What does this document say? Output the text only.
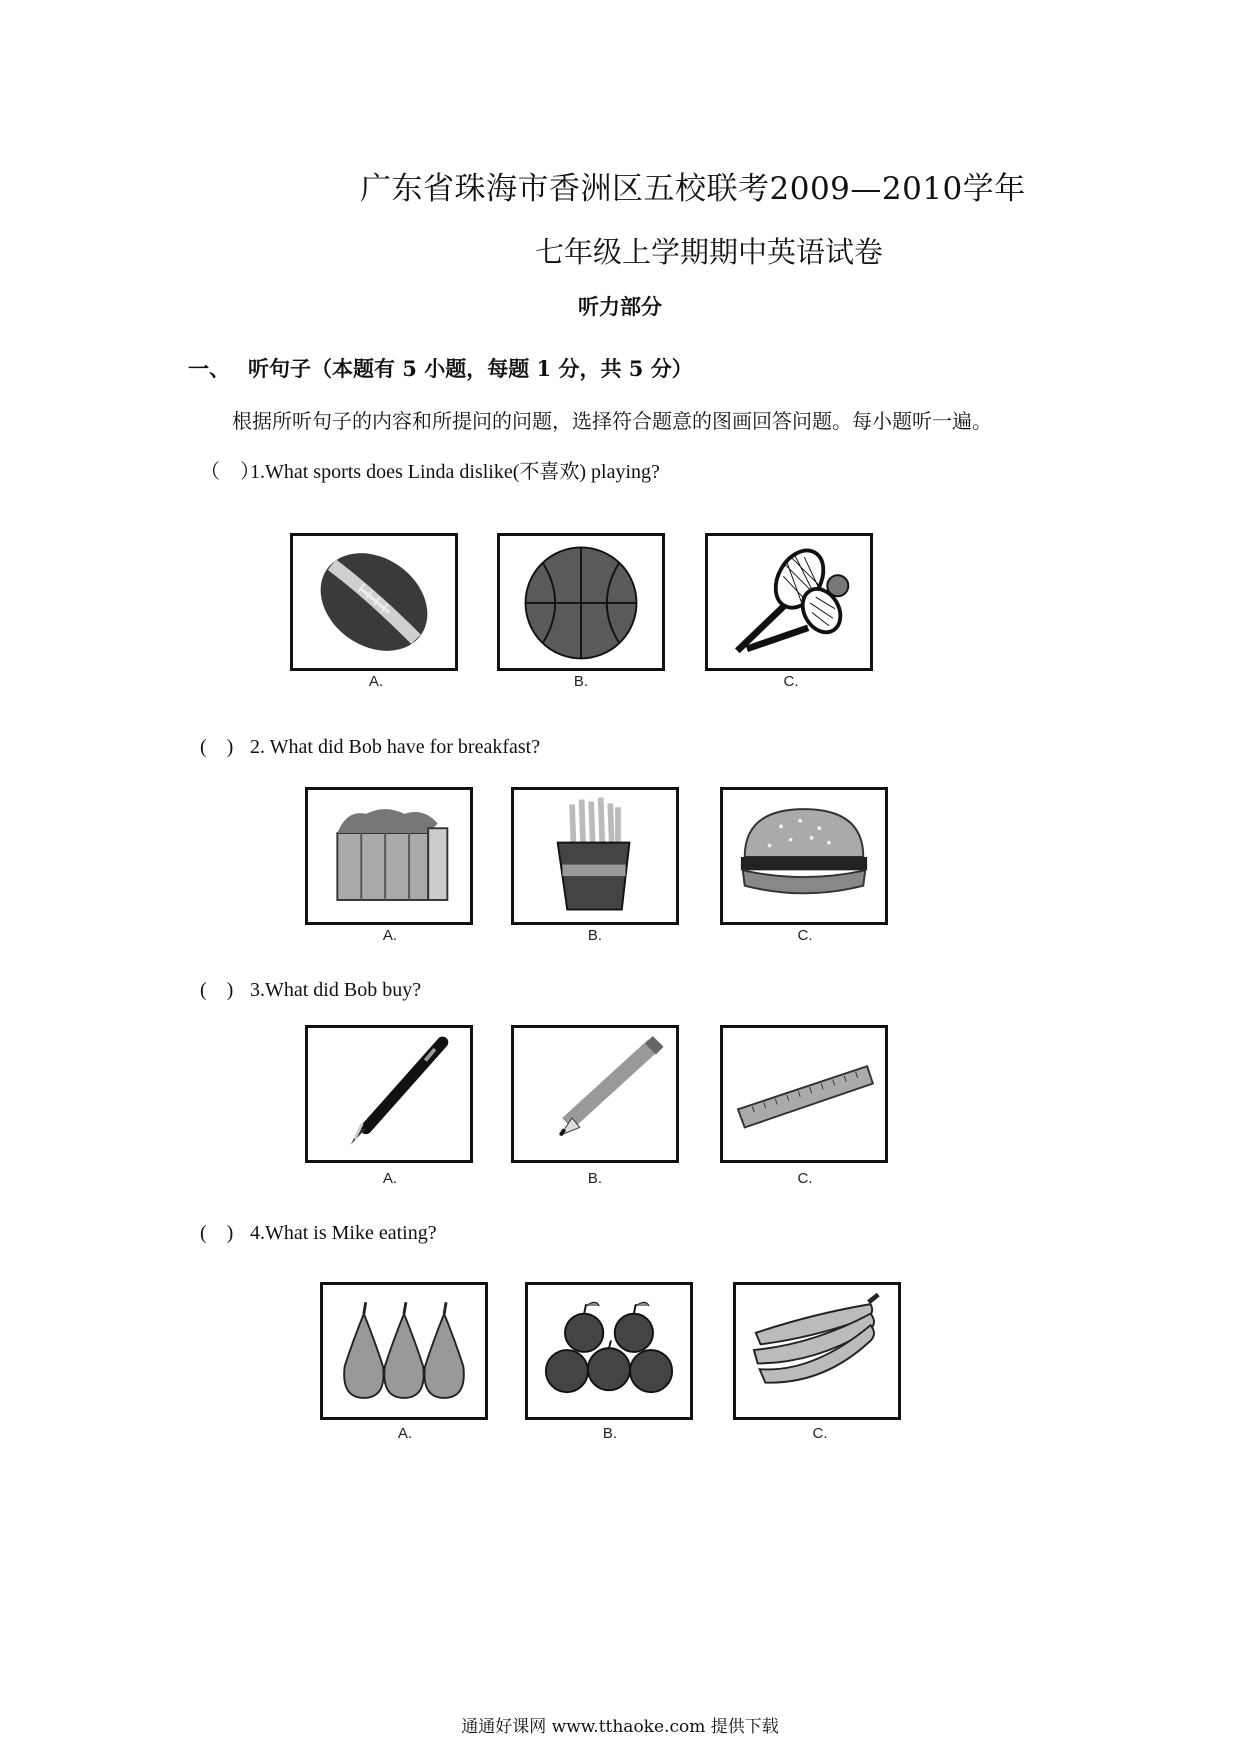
广东省珠海市香洲区五校联考2009—2010学年
七年级上学期期中英语试卷
听力部分
一、 听句子（本题有 5 小题，每题 1 分，共 5 分）
根据所听句子的内容和所提问的问题，选择符合题意的图画回答问题。每小题听一遍。
（　）1.What sports does Linda dislike(不喜欢) playing?
A.	B.	C.
(　) 2. What did Bob have for breakfast?
A.	B.	C.
(　) 3.What did Bob buy?
A.	B.	C.
(　) 4.What is Mike eating?
A.	B.	C.
通通好课网 www.tthaoke.com 提供下载
